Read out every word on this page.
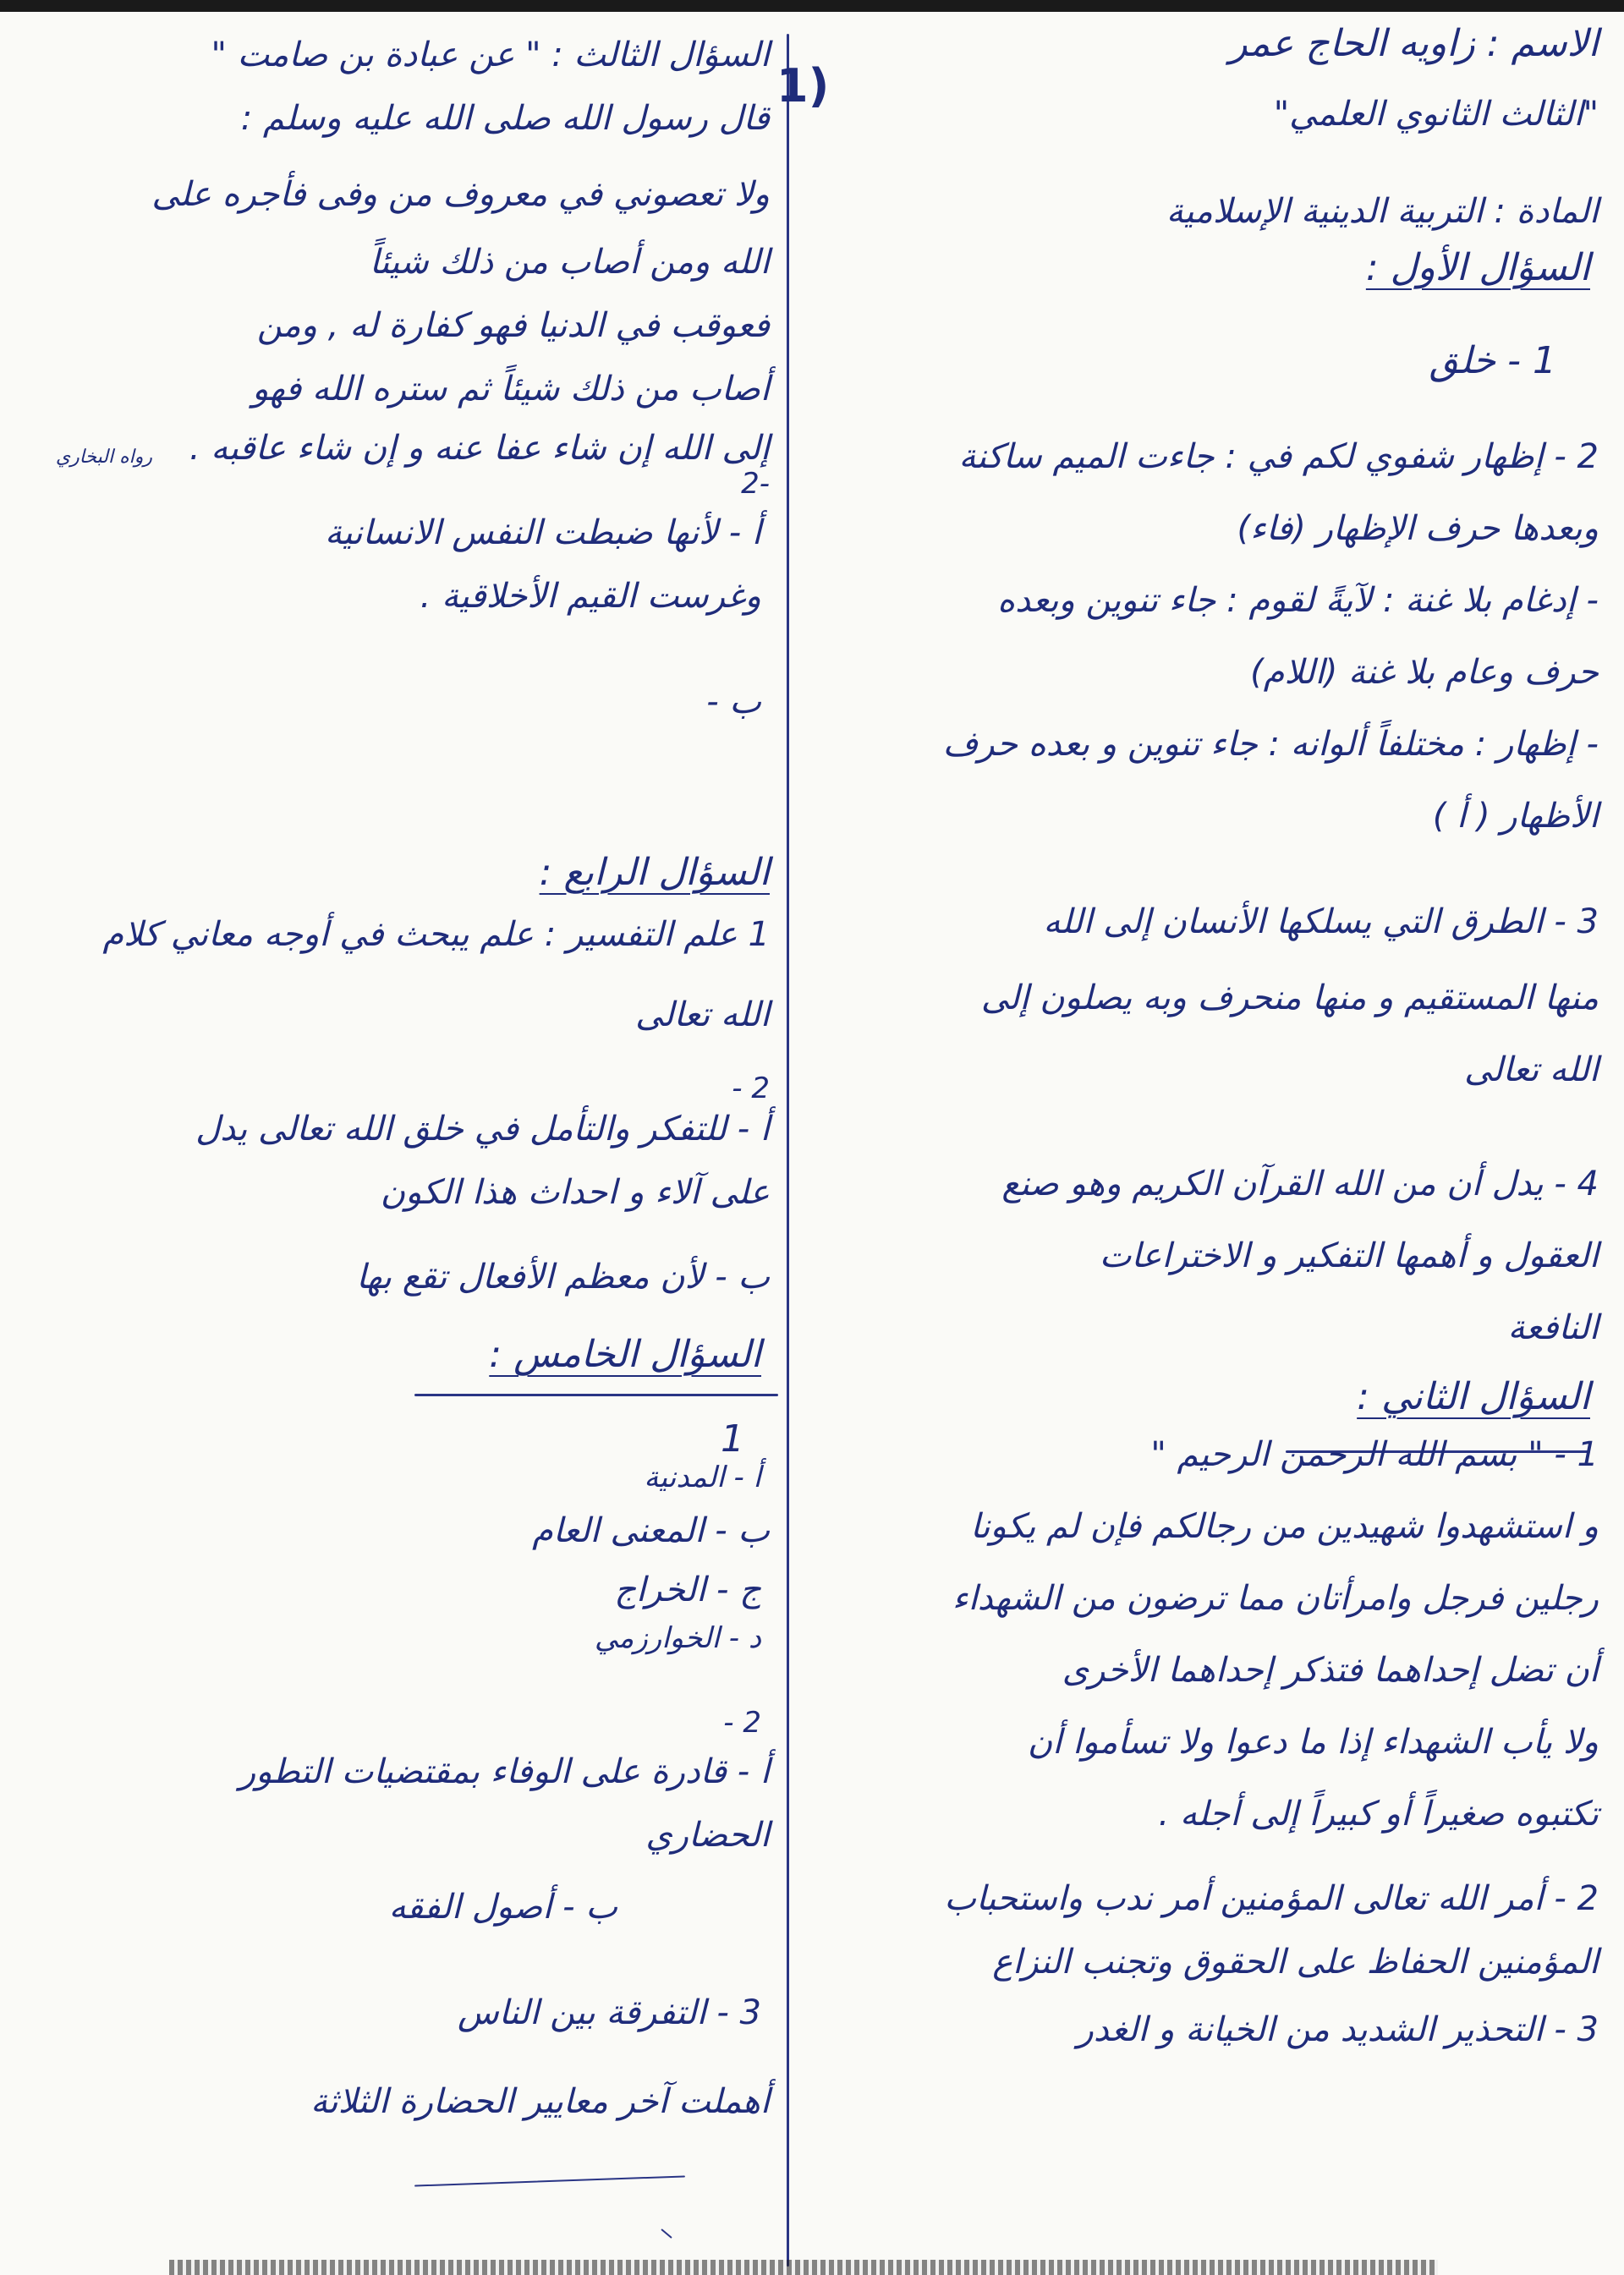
الاسم : زاويه الحاج عمر
"الثالث الثانوي العلمي"
المادة : التربية الدينية الإسلامية
السؤال الأول :
1 - خلق
2 - إظهار شفوي لكم في : جاءت الميم ساكنة
وبعدها حرف الإظهار (فاء)
- إدغام بلا غنة : لآيةً لقوم : جاء تنوين وبعده
حرف وعام بلا غنة (اللام)
- إظهار : مختلفاً ألوانه : جاء تنوين و بعده حرف
الأظهار ( أ )
3 - الطرق التي يسلكها الأنسان إلى الله
منها المستقيم و منها منحرف وبه يصلون إلى
الله تعالى
4 - يدل أن من الله القرآن الكريم وهو صنع
العقول و أهمها التفكير و الاختراعات
النافعة
السؤال الثاني :
1 - " بسم الله الرحمن الرحيم "
و استشهدوا شهيدين من رجالكم فإن لم يكونا
رجلين فرجل وامرأتان مما ترضون من الشهداء
أن تضل إحداهما فتذكر إحداهما الأخرى
ولا يأب الشهداء إذا ما دعوا ولا تسأموا أن
تكتبوه صغيراً أو كبيراً إلى أجله .
2 - أمر الله تعالى المؤمنين أمر ندب واستحباب
المؤمنين الحفاظ على الحقوق وتجنب النزاع
3 - التحذير الشديد من الخيانة و الغدر
(1
السؤال الثالث : " عن عبادة بن صامت "
قال رسول الله صلى الله عليه وسلم :
ولا تعصوني في معروف من وفى فأجره على
الله ومن أصاب من ذلك شيئاً
فعوقب في الدنيا فهو كفارة له , ومن
أصاب من ذلك شيئاً ثم ستره الله فهو
إلى الله إن شاء عفا عنه و إن شاء عاقبه .
رواه البخاري
-2
أ - لأنها ضبطت النفس الانسانية
وغرست القيم الأخلاقية .
ب -
السؤال الرابع :
1 علم التفسير : علم يبحث في أوجه معاني كلام
الله تعالى
2 -
أ - للتفكر والتأمل في خلق الله تعالى يدل
على آلاء و احداث هذا الكون
ب - لأن معظم الأفعال تقع بها
السؤال الخامس :
1
أ - المدنية
ب - المعنى العام
ج - الخراج
د - الخوارزمي
2 -
أ - قادرة على الوفاء بمقتضيات التطور
الحضاري
ب - أصول الفقه
3 - التفرقة بين الناس
أهملت آخر معايير الحضارة الثلاثة
